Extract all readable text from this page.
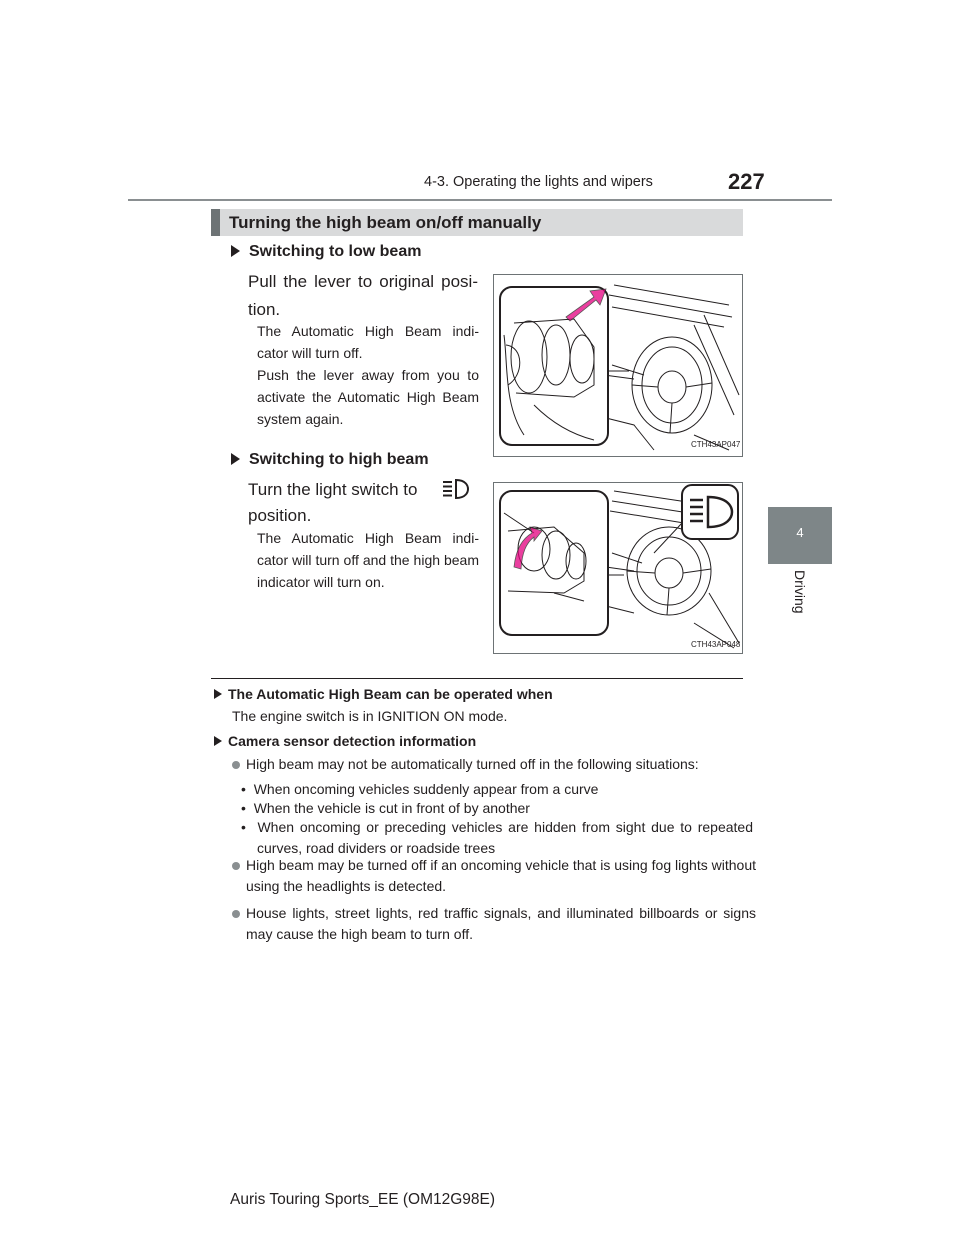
4-3. Operating the lights and wipers	227
4
Driving
Turning the high beam on/off manually
Switching to low beam
Pull the lever to original posi-tion.
The Automatic High Beam indi-cator will turn off.
Push the lever away from you to activate the Automatic High Beam system again.
CTH43AP047
Switching to high beam
Turn the light switch to
position.
The Automatic High Beam indi-cator will turn off and the high beam indicator will turn on.
CTH43AP048
The Automatic High Beam can be operated when
The engine switch is in IGNITION ON mode.
Camera sensor detection information
High beam may not be automatically turned off in the following situations:
•  When oncoming vehicles suddenly appear from a curve
•  When the vehicle is cut in front of by another
•  When oncoming or preceding vehicles are hidden from sight due to repeated curves, road dividers or roadside trees
High beam may be turned off if an oncoming vehicle that is using fog lights without using the headlights is detected.
House lights, street lights, red traffic signals, and illuminated billboards or signs may cause the high beam to turn off.
Auris Touring Sports_EE (OM12G98E)
